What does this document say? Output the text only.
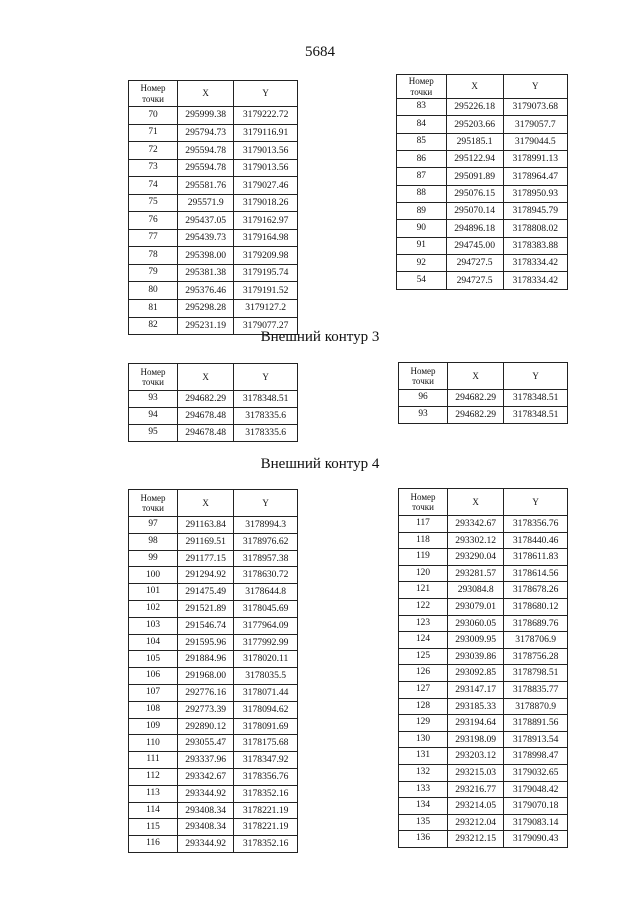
5684
Номер
точки	X	Y
70	295999.38	3179222.72
71	295794.73	3179116.91
72	295594.78	3179013.56
73	295594.78	3179013.56
74	295581.76	3179027.46
75	295571.9	3179018.26
76	295437.05	3179162.97
77	295439.73	3179164.98
78	295398.00	3179209.98
79	295381.38	3179195.74
80	295376.46	3179191.52
81	295298.28	3179127.2
82	295231.19	3179077.27
Номер
точки	X	Y
83	295226.18	3179073.68
84	295203.66	3179057.7
85	295185.1	3179044.5
86	295122.94	3178991.13
87	295091.89	3178964.47
88	295076.15	3178950.93
89	295070.14	3178945.79
90	294896.18	3178808.02
91	294745.00	3178383.88
92	294727.5	3178334.42
54	294727.5	3178334.42
Внешний контур 3
Номер
точки	X	Y
93	294682.29	3178348.51
94	294678.48	3178335.6
95	294678.48	3178335.6
Номер
точки	X	Y
96	294682.29	3178348.51
93	294682.29	3178348.51
Внешний контур 4
Номер
точки	X	Y
97	291163.84	3178994.3
98	291169.51	3178976.62
99	291177.15	3178957.38
100	291294.92	3178630.72
101	291475.49	3178644.8
102	291521.89	3178045.69
103	291546.74	3177964.09
104	291595.96	3177992.99
105	291884.96	3178020.11
106	291968.00	3178035.5
107	292776.16	3178071.44
108	292773.39	3178094.62
109	292890.12	3178091.69
110	293055.47	3178175.68
111	293337.96	3178347.92
112	293342.67	3178356.76
113	293344.92	3178352.16
114	293408.34	3178221.19
115	293408.34	3178221.19
116	293344.92	3178352.16
Номер
точки	X	Y
117	293342.67	3178356.76
118	293302.12	3178440.46
119	293290.04	3178611.83
120	293281.57	3178614.56
121	293084.8	3178678.26
122	293079.01	3178680.12
123	293060.05	3178689.76
124	293009.95	3178706.9
125	293039.86	3178756.28
126	293092.85	3178798.51
127	293147.17	3178835.77
128	293185.33	3178870.9
129	293194.64	3178891.56
130	293198.09	3178913.54
131	293203.12	3178998.47
132	293215.03	3179032.65
133	293216.77	3179048.42
134	293214.05	3179070.18
135	293212.04	3179083.14
136	293212.15	3179090.43
